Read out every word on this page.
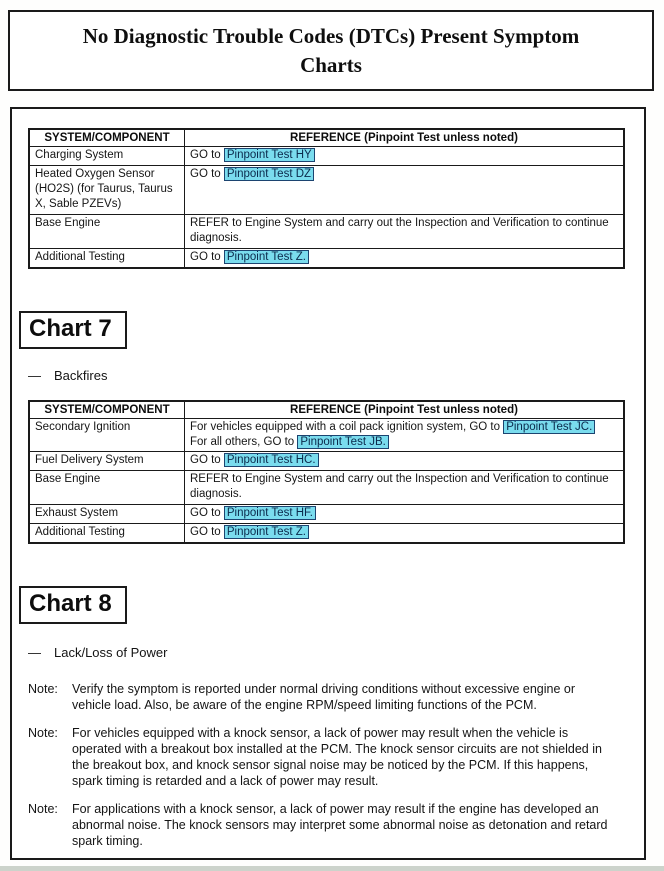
No Diagnostic Trouble Codes (DTCs) Present Symptom
Charts
SYSTEM/COMPONENT	REFERENCE (Pinpoint Test unless noted)
Charging System	GO to Pinpoint Test HY

Heated Oxygen Sensor (HO2S) (for Taurus, Taurus X, Sable PZEVs)	GO to Pinpoint Test DZ

Base Engine	REFER to Engine System and carry out the Inspection and Verification to continue diagnosis.

Additional Testing	GO to Pinpoint Test Z.
Chart 7
— Backfires
SYSTEM/COMPONENT	REFERENCE (Pinpoint Test unless noted)
Secondary Ignition	For vehicles equipped with a coil pack ignition system, GO to Pinpoint Test JC.
For all others, GO to Pinpoint Test JB.

Fuel Delivery System	GO to Pinpoint Test HC.

Base Engine	REFER to Engine System and carry out the Inspection and Verification to continue diagnosis.

Exhaust System	GO to Pinpoint Test HF.

Additional Testing	GO to Pinpoint Test Z.
Chart 8
— Lack/Loss of Power
Note:	Verify the symptom is reported under normal driving conditions without excessive engine or vehicle load. Also, be aware of the engine RPM/speed limiting functions of the PCM.
Note:	For vehicles equipped with a knock sensor, a lack of power may result when the vehicle is operated with a breakout box installed at the PCM. The knock sensor circuits are not shielded in the breakout box, and knock sensor signal noise may be noticed by the PCM. If this happens, spark timing is retarded and a lack of power may result.
Note:	For applications with a knock sensor, a lack of power may result if the engine has developed an abnormal noise. The knock sensors may interpret some abnormal noise as detonation and retard spark timing.
